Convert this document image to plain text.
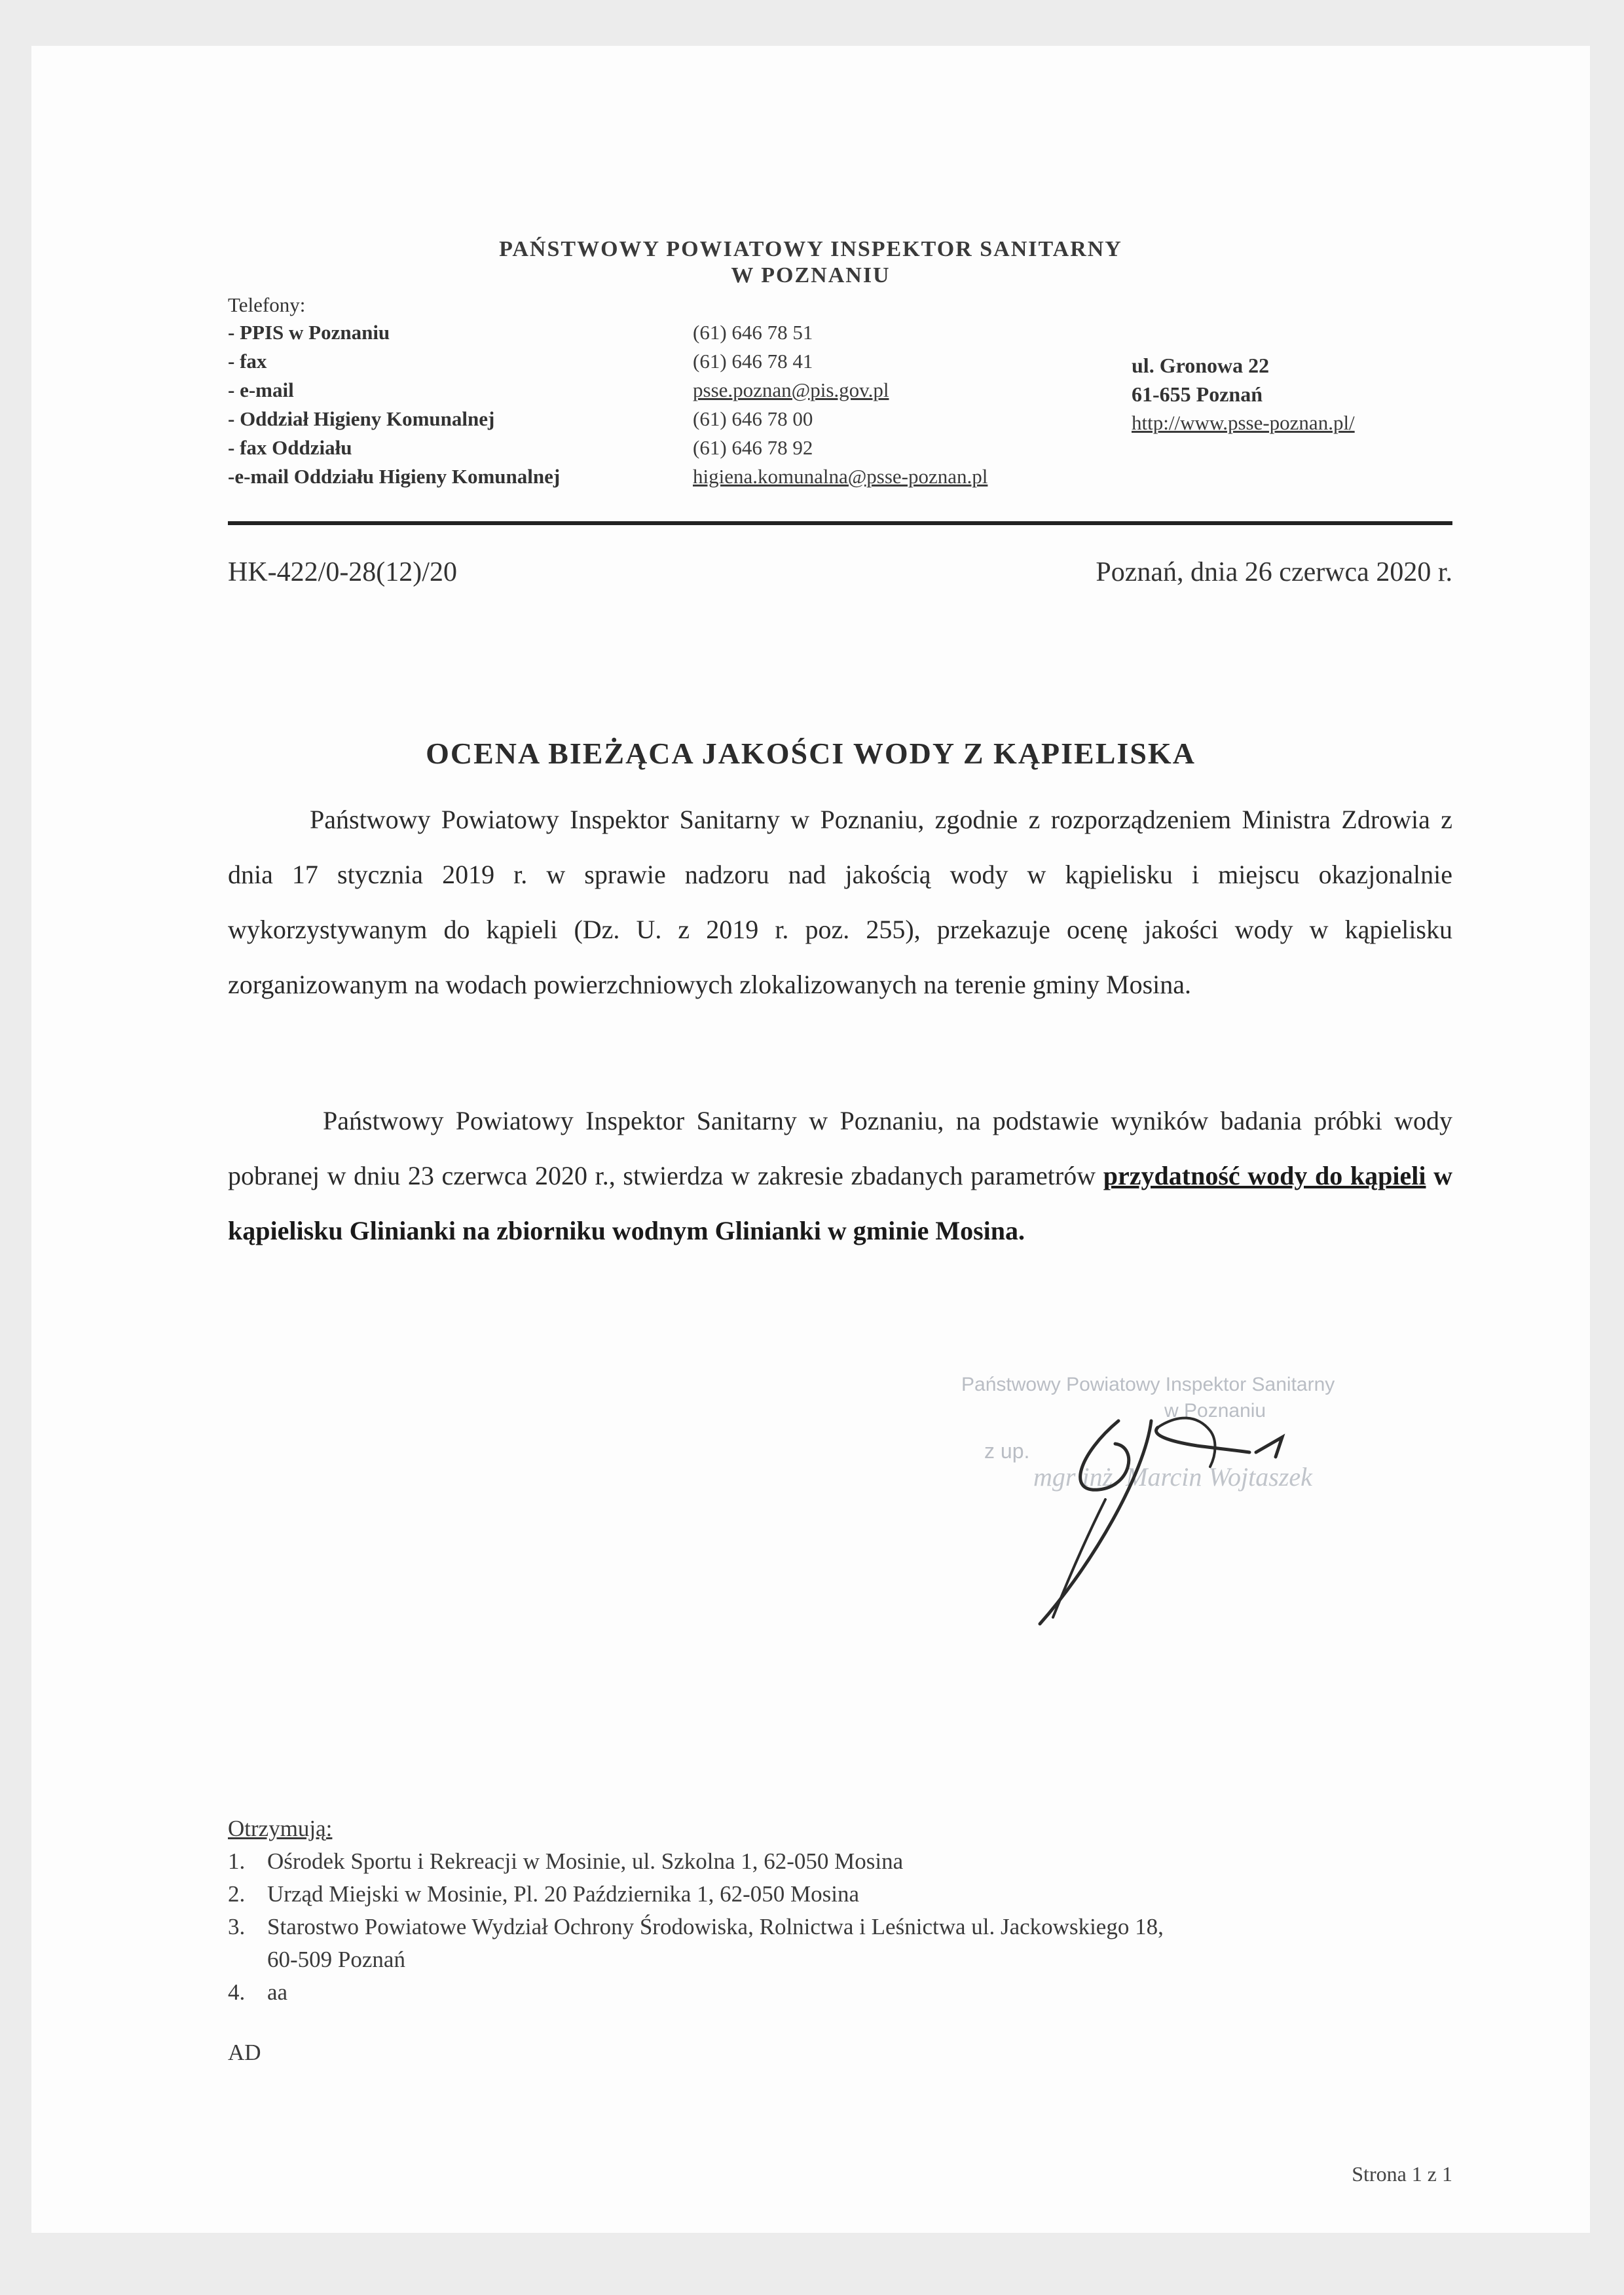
PAŃSTWOWY POWIATOWY INSPEKTOR SANITARNY
W POZNANIU
Telefony:
- PPIS w Poznaniu	(61) 646 78 51
- fax	(61) 646 78 41
- e-mail	psse.poznan@pis.gov.pl
- Oddział Higieny Komunalnej	(61) 646 78 00
- fax Oddziału	(61) 646 78 92
-e-mail Oddziału Higieny Komunalnej	higiena.komunalna@psse-poznan.pl
ul. Gronowa 22
61-655 Poznań
http://www.psse-poznan.pl/
HK-422/0-28(12)/20	Poznań, dnia 26 czerwca 2020 r.
OCENA BIEŻĄCA JAKOŚCI WODY Z KĄPIELISKA
Państwowy Powiatowy Inspektor Sanitarny w Poznaniu, zgodnie z rozporządzeniem Ministra Zdrowia z dnia 17 stycznia 2019 r. w sprawie nadzoru nad jakością wody w kąpielisku i miejscu okazjonalnie wykorzystywanym do kąpieli (Dz. U. z 2019 r. poz. 255), przekazuje ocenę jakości wody w kąpielisku zorganizowanym na wodach powierzchniowych zlokalizowanych na terenie gminy Mosina.
Państwowy Powiatowy Inspektor Sanitarny w Poznaniu, na podstawie wyników badania próbki wody pobranej w dniu 23 czerwca 2020 r., stwierdza w zakresie zbadanych parametrów przydatność wody do kąpieli w kąpielisku Glinianki na zbiorniku wodnym Glinianki w gminie Mosina.
Państwowy Powiatowy Inspektor Sanitarny
w Poznaniu
z up.
mgr inż. Marcin Wojtaszek
Otrzymują:
1. Ośrodek Sportu i Rekreacji w Mosinie, ul. Szkolna 1, 62-050 Mosina
2. Urząd Miejski w Mosinie, Pl. 20 Października 1, 62-050 Mosina
3. Starostwo Powiatowe Wydział Ochrony Środowiska, Rolnictwa i Leśnictwa ul. Jackowskiego 18,
60-509 Poznań
4. aa
AD
Strona 1 z 1
